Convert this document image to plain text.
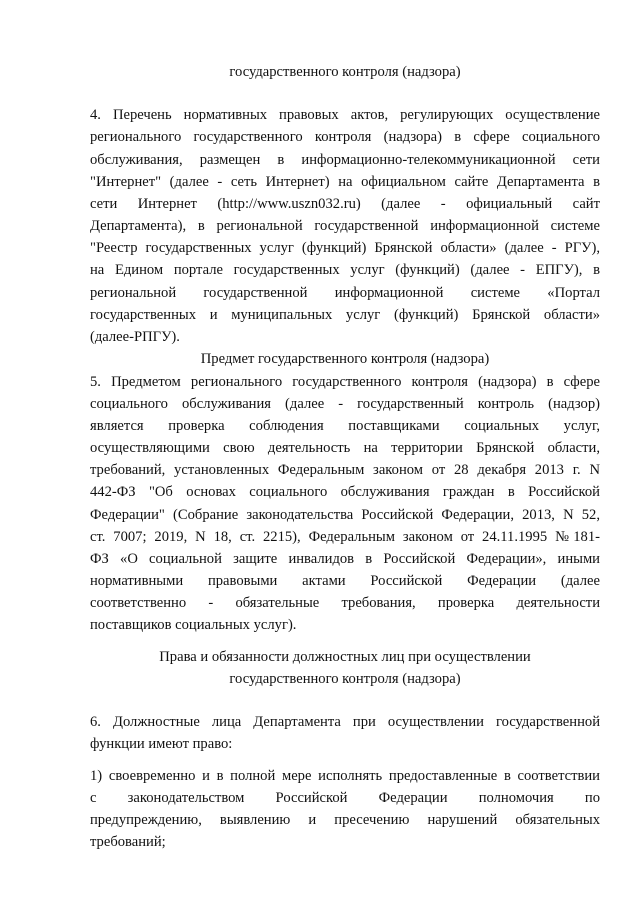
государственного контроля (надзора)
4. Перечень нормативных правовых актов, регулирующих осуществление
регионального государственного контроля (надзора) в сфере социального
обслуживания, размещен в информационно-телекоммуникационной сети
"Интернет" (далее - сеть Интернет) на официальном сайте Департамента в
сети Интернет (http://www.uszn032.ru) (далее - официальный сайт
Департамента), в региональной государственной информационной системе
"Реестр государственных услуг (функций) Брянской области» (далее - РГУ),
на Едином портале государственных услуг (функций) (далее - ЕПГУ), в
региональной государственной информационной системе «Портал
государственных и муниципальных услуг (функций) Брянской области»
(далее-РПГУ).
Предмет государственного контроля (надзора)
5. Предметом регионального государственного контроля (надзора) в сфере
социального обслуживания (далее - государственный контроль (надзор)
является проверка соблюдения поставщиками социальных услуг,
осуществляющими свою деятельность на территории Брянской области,
требований, установленных Федеральным законом от 28 декабря 2013 г. N
442-ФЗ "Об основах социального обслуживания граждан в Российской
Федерации" (Собрание законодательства Российской Федерации, 2013, N 52,
ст. 7007; 2019, N 18, ст. 2215), Федеральным законом от 24.11.1995 №181-
ФЗ «О социальной защите инвалидов в Российской Федерации», иными
нормативными правовыми актами Российской Федерации (далее
соответственно - обязательные требования, проверка деятельности
поставщиков социальных услуг).
Права и обязанности должностных лиц при осуществлении
государственного контроля (надзора)
6. Должностные лица Департамента при осуществлении государственной
функции имеют право:
1) своевременно и в полной мере исполнять предоставленные в соответствии
с законодательством Российской Федерации полномочия по
предупреждению, выявлению и пресечению нарушений обязательных
требований;
